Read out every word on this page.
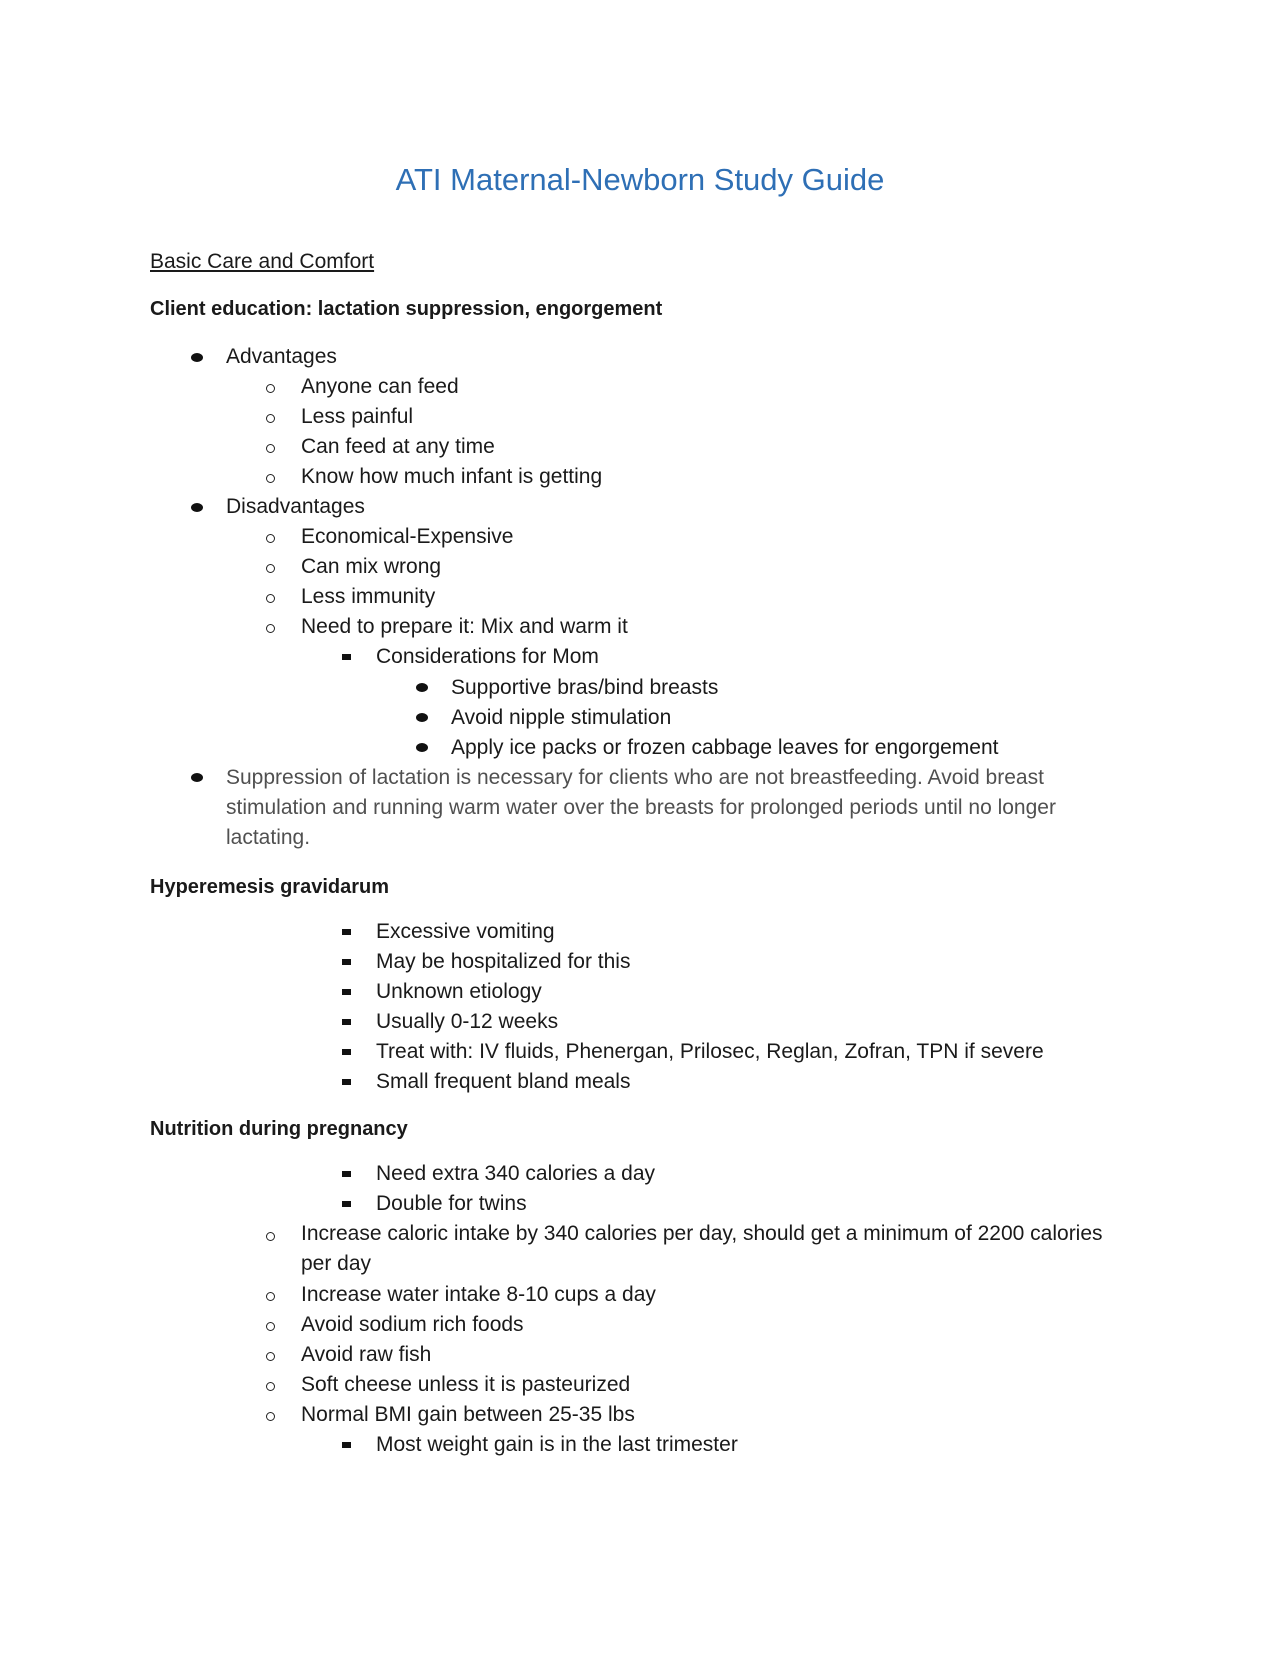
ATI Maternal-Newborn Study Guide
Basic Care and Comfort
Client education: lactation suppression, engorgement
Advantages
Anyone can feed
Less painful
Can feed at any time
Know how much infant is getting
Disadvantages
Economical-Expensive
Can mix wrong
Less immunity
Need to prepare it: Mix and warm it
Considerations for Mom
Supportive bras/bind breasts
Avoid nipple stimulation
Apply ice packs or frozen cabbage leaves for engorgement
Suppression of lactation is necessary for clients who are not breastfeeding. Avoid breast stimulation and running warm water over the breasts for prolonged periods until no longer lactating.
Hyperemesis gravidarum
Excessive vomiting
May be hospitalized for this
Unknown etiology
Usually 0-12 weeks
Treat with: IV fluids, Phenergan, Prilosec, Reglan, Zofran, TPN if severe
Small frequent bland meals
Nutrition during pregnancy
Need extra 340 calories a day
Double for twins
Increase caloric intake by 340 calories per day, should get a minimum of 2200 calories per day
Increase water intake 8-10 cups a day
Avoid sodium rich foods
Avoid raw fish
Soft cheese unless it is pasteurized
Normal BMI gain between 25-35 lbs
Most weight gain is in the last trimester
